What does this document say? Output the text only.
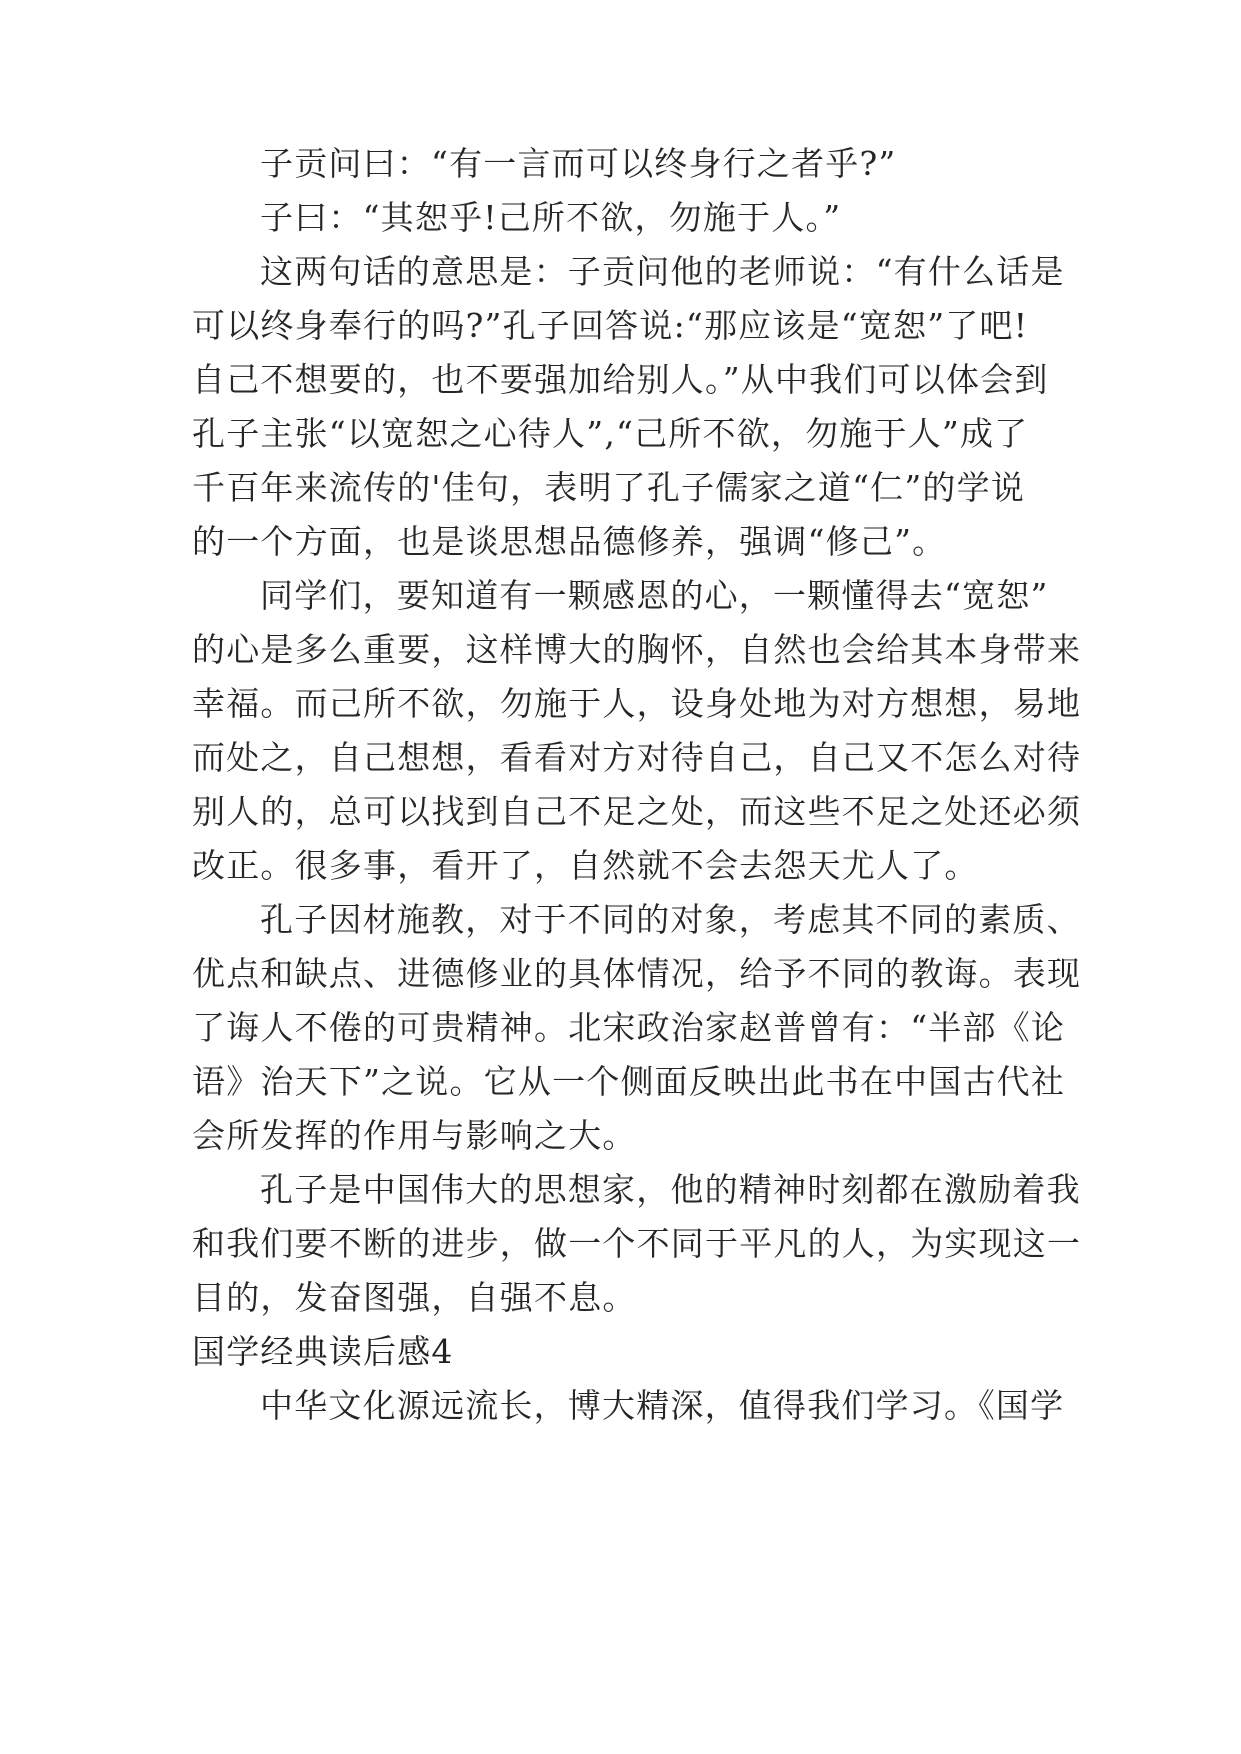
子贡问曰：“有一言而可以终身行之者乎?”
子曰：“其恕乎!己所不欲，勿施于人。”
这两句话的意思是：子贡问他的老师说：“有什么话是
可以终身奉行的吗?”孔子回答说:“那应该是“宽恕”了吧!
自己不想要的，也不要强加给别人。”从中我们可以体会到
孔子主张“以宽恕之心待人”,“己所不欲，勿施于人”成了
千百年来流传的'佳句，表明了孔子儒家之道“仁”的学说
的一个方面，也是谈思想品德修养，强调“修己”。
同学们，要知道有一颗感恩的心，一颗懂得去“宽恕”
的心是多么重要，这样博大的胸怀，自然也会给其本身带来
幸福。而己所不欲，勿施于人，设身处地为对方想想，易地
而处之，自己想想，看看对方对待自己，自己又不怎么对待
别人的，总可以找到自己不足之处，而这些不足之处还必须
改正。很多事，看开了，自然就不会去怨天尤人了。
孔子因材施教，对于不同的对象，考虑其不同的素质、
优点和缺点、进德修业的具体情况，给予不同的教诲。表现
了诲人不倦的可贵精神。北宋政治家赵普曾有：“半部《论
语》治天下”之说。它从一个侧面反映出此书在中国古代社
会所发挥的作用与影响之大。
孔子是中国伟大的思想家，他的精神时刻都在激励着我
和我们要不断的进步，做一个不同于平凡的人，为实现这一
目的，发奋图强，自强不息。
国学经典读后感4
中华文化源远流长，博大精深，值得我们学习。《国学
